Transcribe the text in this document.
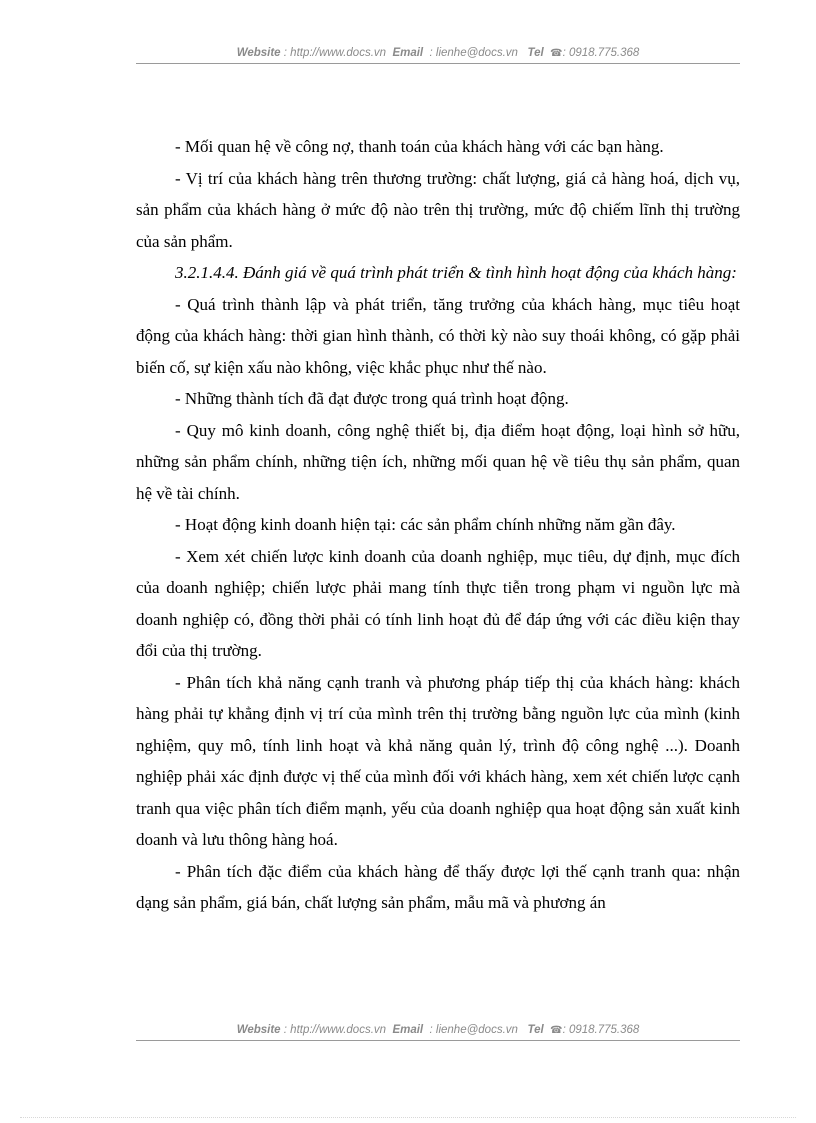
Website : http://www.docs.vn Email : lienhe@docs.vn Tel ☎: 0918.775.368

- Mối quan hệ về công nợ, thanh toán của khách hàng với các bạn hàng.

- Vị trí của khách hàng trên thương trường: chất lượng, giá cả hàng hoá, dịch vụ, sản phẩm của khách hàng ở mức độ nào trên thị trường, mức độ chiếm lĩnh thị trường của sản phẩm.

3.2.1.4.4. Đánh giá về quá trình phát triển & tình hình hoạt động của khách hàng:

- Quá trình thành lập và phát triển, tăng trưởng của khách hàng, mục tiêu hoạt động của khách hàng: thời gian hình thành, có thời kỳ nào suy thoái không, có gặp phải biến cố, sự kiện xấu nào không, việc khắc phục như thế nào.

- Những thành tích đã đạt được trong quá trình hoạt động.

- Quy mô kinh doanh, công nghệ thiết bị, địa điểm hoạt động, loại hình sở hữu, những sản phẩm chính, những tiện ích, những mối quan hệ về tiêu thụ sản phẩm, quan hệ về tài chính.

- Hoạt động kinh doanh hiện tại: các sản phẩm chính những năm gần đây.

- Xem xét chiến lược kinh doanh của doanh nghiệp, mục tiêu, dự định, mục đích của doanh nghiệp; chiến lược phải mang tính thực tiễn trong phạm vi nguồn lực mà doanh nghiệp có, đồng thời phải có tính linh hoạt đủ để đáp ứng với các điều kiện thay đổi của thị trường.

- Phân tích khả năng cạnh tranh và phương pháp tiếp thị của khách hàng: khách hàng phải tự khẳng định vị trí của mình trên thị trường bằng nguồn lực của mình (kinh nghiệm, quy mô, tính linh hoạt và khả năng quản lý, trình độ công nghệ ...). Doanh nghiệp phải xác định được vị thế của mình đối với khách hàng, xem xét chiến lược cạnh tranh qua việc phân tích điểm mạnh, yếu của doanh nghiệp qua hoạt động sản xuất kinh doanh và lưu thông hàng hoá.

- Phân tích đặc điểm của khách hàng để thấy được lợi thế cạnh tranh qua: nhận dạng sản phẩm, giá bán, chất lượng sản phẩm, mẫu mã và phương án

Website : http://www.docs.vn Email : lienhe@docs.vn Tel ☎: 0918.775.368
